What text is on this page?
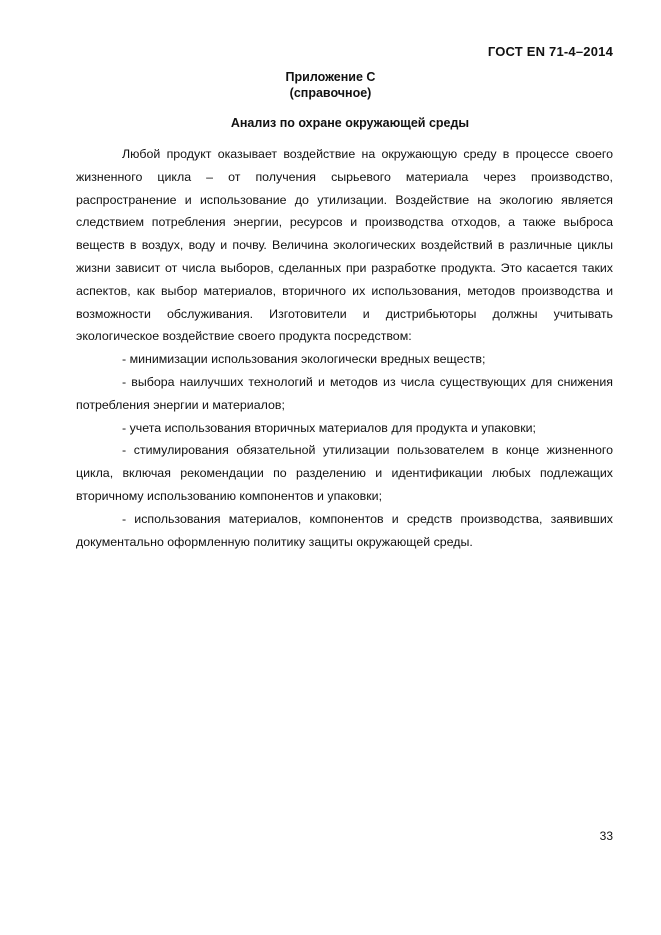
ГОСТ EN 71-4–2014
Приложение С
(справочное)
Анализ по охране окружающей среды

Любой продукт оказывает воздействие на окружающую среду в процессе своего жизненного цикла – от получения сырьевого материала через производство, распространение и использование до утилизации. Воздействие на экологию является следствием потребления энергии, ресурсов и производства отходов, а также выброса веществ в воздух, воду и почву. Величина экологических воздействий в различные циклы жизни зависит от числа выборов, сделанных при разработке продукта. Это касается таких аспектов, как выбор материалов, вторичного их использования, методов производства и возможности обслуживания. Изготовители и дистрибьюторы должны учитывать экологическое воздействие своего продукта посредством:

- минимизации использования экологически вредных веществ;

- выбора наилучших технологий и методов из числа существующих для снижения потребления энергии и материалов;

- учета использования вторичных материалов для продукта и упаковки;

- стимулирования обязательной утилизации пользователем в конце жизненного цикла, включая рекомендации по разделению и идентификации любых подлежащих вторичному использованию компонентов и упаковки;

- использования материалов, компонентов и средств производства, заявивших документально оформленную политику защиты окружающей среды.

33
